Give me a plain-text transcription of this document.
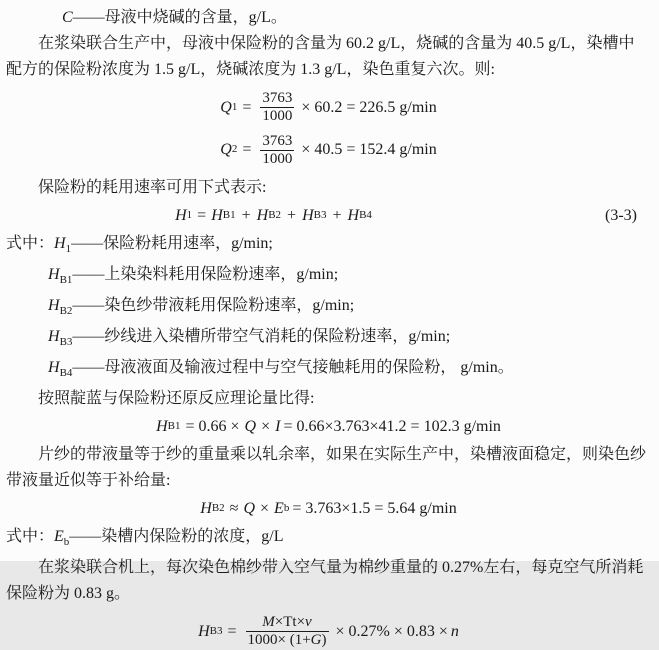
C——母液中烧碱的含量，g/L。
在浆染联合生产中，母液中保险粉的含量为 60.2 g/L，烧碱的含量为 40.5 g/L，染槽中
配方的保险粉浓度为 1.5 g/L，烧碱浓度为 1.3 g/L，染色重复六次。则:
Q $1 = \frac{3763}{1000} \times 60.2 = 226.5$ g/min
Q $2 = \frac{3763}{1000} \times 40.5 = 152.4$ g/min
保险粉的耗用速率可用下式表示:
H 1 = H B1 + H B2 + H B3 + H B4	(3-3)
式中：$H_1——$保险粉耗用速率，g/min;
$H_{B1}——$上染染料耗用保险粉速率，g/min;
$H_{B2}——$染色纱带液耗用保险粉速率，g/min;
$H_{B3}——$纱线进入染槽所带空气消耗的保险粉速率，g/min;
$H_{B4}——$母液液面及输液过程中与空气接触耗用的保险粉， g/min。
按照靛蓝与保险粉还原反应理论量比得:
H B1 = 0.66 × Q × I = 0.66×3.763×41.2 = 102.3 g/min
片纱的带液量等于纱的重量乘以轧余率，如果在实际生产中，染槽液面稳定，则染色纱
带液量近似等于补给量:
H B2 ≈ Q × E b = 3.763×1.5 = 5.64 g/min
式中：$E_b——$染槽内保险粉的浓度，g/L
在浆染联合机上，每次染色棉纱带入空气量为棉纱重量的 0.27%左右，每克空气所消耗
保险粉为 0.83 g。
H $B3 = \frac{M\times Tt\times v}{1000\times (1+G)} \times 0.27\% \times 0.83 \times n$
